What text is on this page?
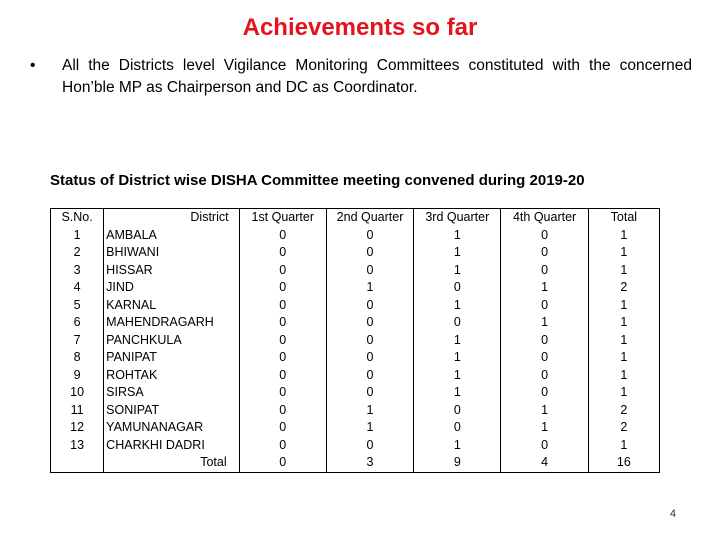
Achievements so far
•	All the Districts level Vigilance Monitoring Committees constituted with the concerned Hon’ble MP as Chairperson and DC as Coordinator.
Status of District wise DISHA Committee meeting convened during 2019-20
S.No.	District	1st Quarter	2nd Quarter	3rd Quarter	4th Quarter	Total
1	AMBALA	0	0	1	0	1
2	BHIWANI	0	0	1	0	1
3	HISSAR	0	0	1	0	1
4	JIND	0	1	0	1	2
5	KARNAL	0	0	1	0	1
6	MAHENDRAGARH	0	0	0	1	1
7	PANCHKULA	0	0	1	0	1
8	PANIPAT	0	0	1	0	1
9	ROHTAK	0	0	1	0	1
10	SIRSA	0	0	1	0	1
11	SONIPAT	0	1	0	1	2
12	YAMUNANAGAR	0	1	0	1	2
13	CHARKHI DADRI	0	0	1	0	1
	Total	0	3	9	4	16
4
